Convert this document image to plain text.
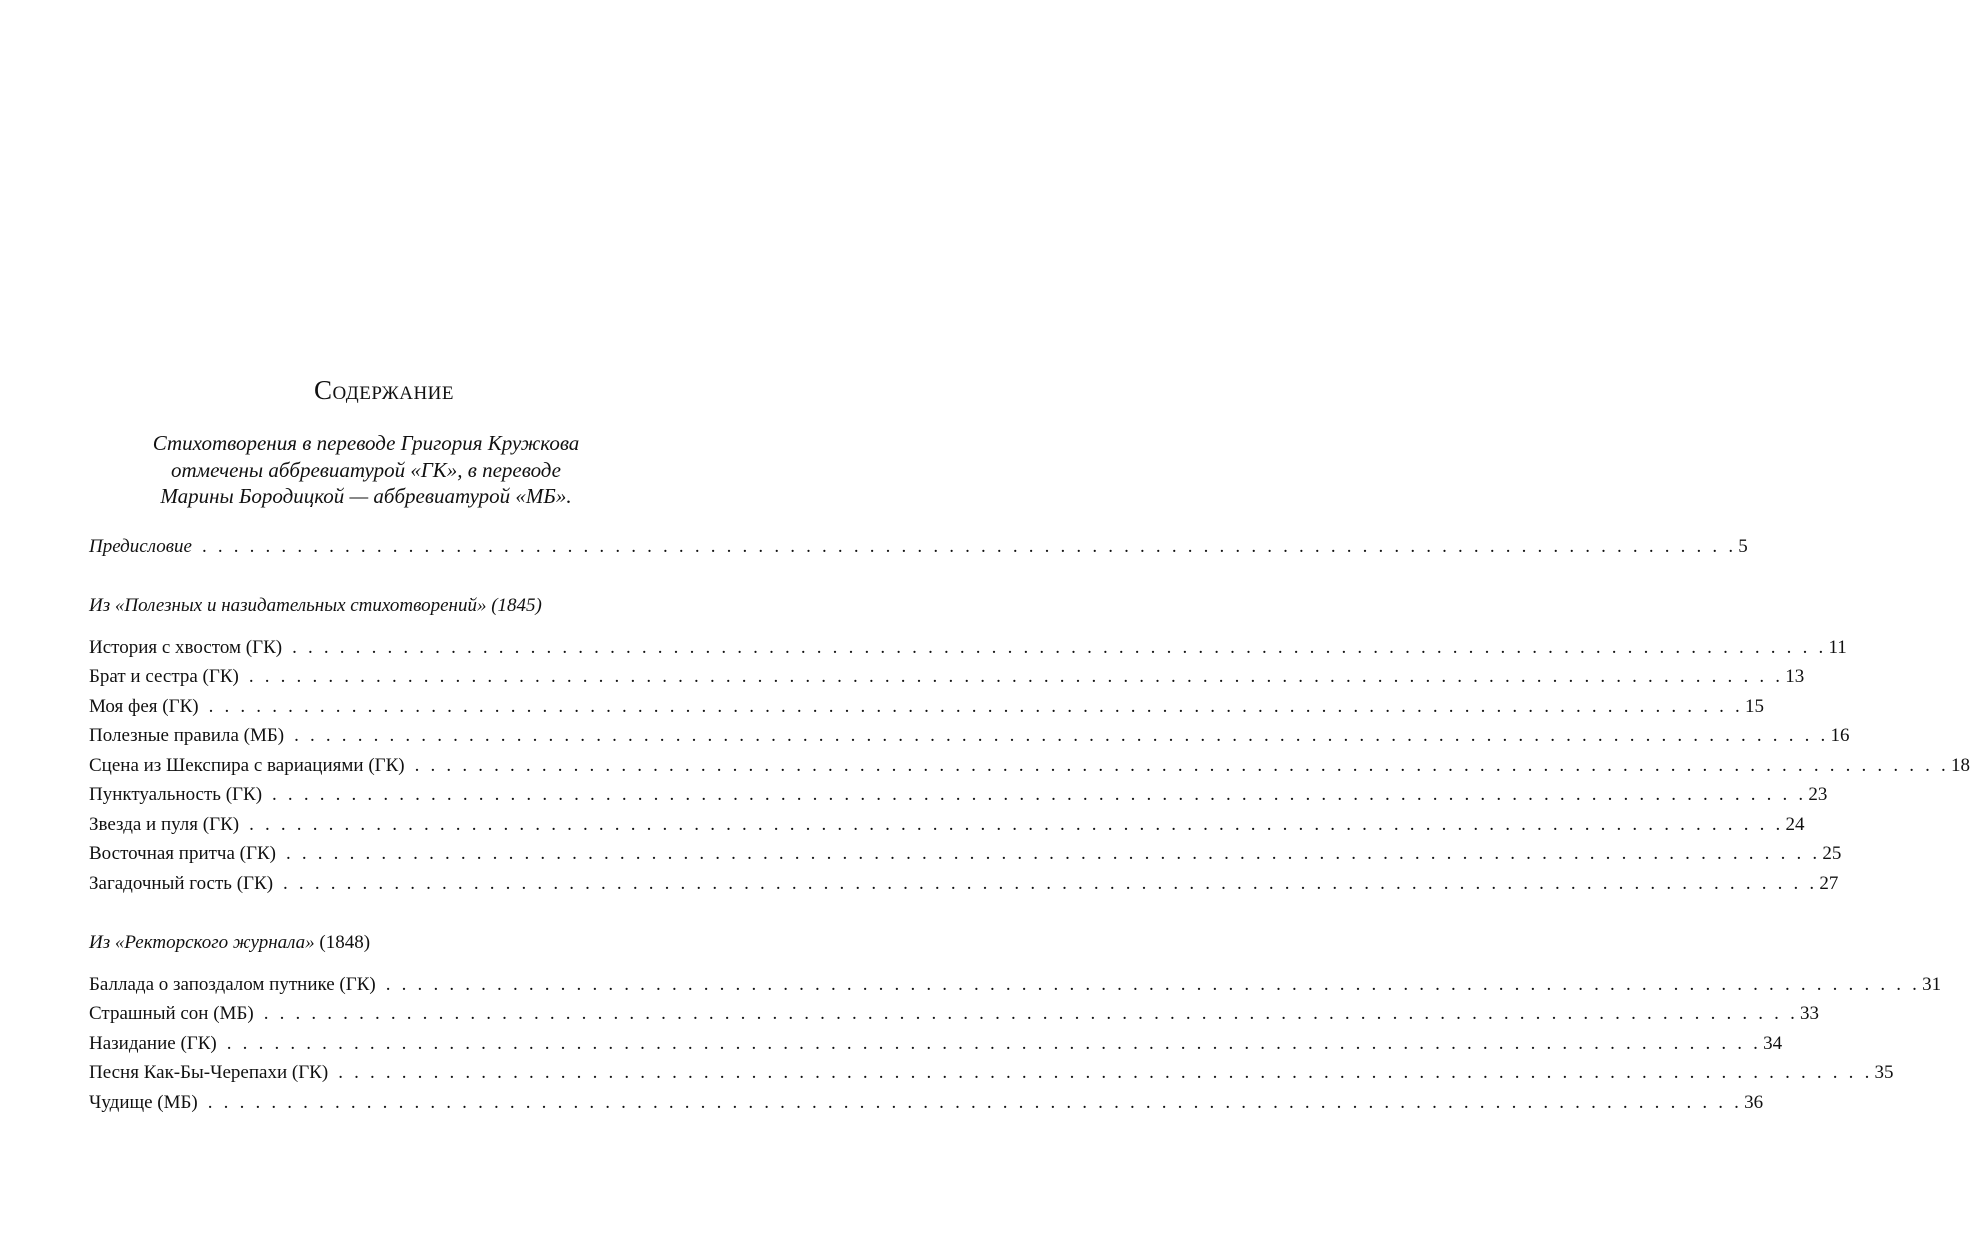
Содержание
Стихотворения в переводе Григория Кружкова
отмечены аббревиатурой «ГК», в переводе
Марины Бородицкой — аббревиатурой «МБ».
Предисловие . . . . . . . . . . . . . . . . . . . . . . . . . . . . . . . . . . . . . . . . . . . . . . . . . . . . . . . . . . . . . . . . . . . . . . . . . . . . . . . . . . . . . . . . . . . . . . . . . 5
Из «Полезных и назидательных стихотворений» (1845)
История с хвостом (ГК) . . . . . . . . . . . . . . . . . . . . . . . . . . . . . . . . . . . . . . . . . . . . . . . . . . . . . . . . . . . . . . . . . . . . . . . . . . . . . . . . . . . . . . . . . . . . . . . . . 11
Брат и сестра (ГК) . . . . . . . . . . . . . . . . . . . . . . . . . . . . . . . . . . . . . . . . . . . . . . . . . . . . . . . . . . . . . . . . . . . . . . . . . . . . . . . . . . . . . . . . . . . . . . . . . 13
Моя фея (ГК) . . . . . . . . . . . . . . . . . . . . . . . . . . . . . . . . . . . . . . . . . . . . . . . . . . . . . . . . . . . . . . . . . . . . . . . . . . . . . . . . . . . . . . . . . . . . . . . . . 15
Полезные правила (МБ) . . . . . . . . . . . . . . . . . . . . . . . . . . . . . . . . . . . . . . . . . . . . . . . . . . . . . . . . . . . . . . . . . . . . . . . . . . . . . . . . . . . . . . . . . . . . . . . . . 16
Сцена из Шекспира с вариациями (ГК) . . . . . . . . . . . . . . . . . . . . . . . . . . . . . . . . . . . . . . . . . . . . . . . . . . . . . . . . . . . . . . . . . . . . . . . . . . . . . . . . . . . . . . . . . . . . . . . . . 18
Пунктуальность (ГК) . . . . . . . . . . . . . . . . . . . . . . . . . . . . . . . . . . . . . . . . . . . . . . . . . . . . . . . . . . . . . . . . . . . . . . . . . . . . . . . . . . . . . . . . . . . . . . . . . 23
Звезда и пуля (ГК) . . . . . . . . . . . . . . . . . . . . . . . . . . . . . . . . . . . . . . . . . . . . . . . . . . . . . . . . . . . . . . . . . . . . . . . . . . . . . . . . . . . . . . . . . . . . . . . . . 24
Восточная притча (ГК) . . . . . . . . . . . . . . . . . . . . . . . . . . . . . . . . . . . . . . . . . . . . . . . . . . . . . . . . . . . . . . . . . . . . . . . . . . . . . . . . . . . . . . . . . . . . . . . . . 25
Загадочный гость (ГК) . . . . . . . . . . . . . . . . . . . . . . . . . . . . . . . . . . . . . . . . . . . . . . . . . . . . . . . . . . . . . . . . . . . . . . . . . . . . . . . . . . . . . . . . . . . . . . . . . 27
Из «Ректорского журнала» (1848)
Баллада о запоздалом путнике (ГК) . . . . . . . . . . . . . . . . . . . . . . . . . . . . . . . . . . . . . . . . . . . . . . . . . . . . . . . . . . . . . . . . . . . . . . . . . . . . . . . . . . . . . . . . . . . . . . . . . 31
Страшный сон (МБ) . . . . . . . . . . . . . . . . . . . . . . . . . . . . . . . . . . . . . . . . . . . . . . . . . . . . . . . . . . . . . . . . . . . . . . . . . . . . . . . . . . . . . . . . . . . . . . . . . 33
Назидание (ГК) . . . . . . . . . . . . . . . . . . . . . . . . . . . . . . . . . . . . . . . . . . . . . . . . . . . . . . . . . . . . . . . . . . . . . . . . . . . . . . . . . . . . . . . . . . . . . . . . . 34
Песня Как-Бы-Черепахи (ГК) . . . . . . . . . . . . . . . . . . . . . . . . . . . . . . . . . . . . . . . . . . . . . . . . . . . . . . . . . . . . . . . . . . . . . . . . . . . . . . . . . . . . . . . . . . . . . . . . . 35
Чудище (МБ) . . . . . . . . . . . . . . . . . . . . . . . . . . . . . . . . . . . . . . . . . . . . . . . . . . . . . . . . . . . . . . . . . . . . . . . . . . . . . . . . . . . . . . . . . . . . . . . . . 36
